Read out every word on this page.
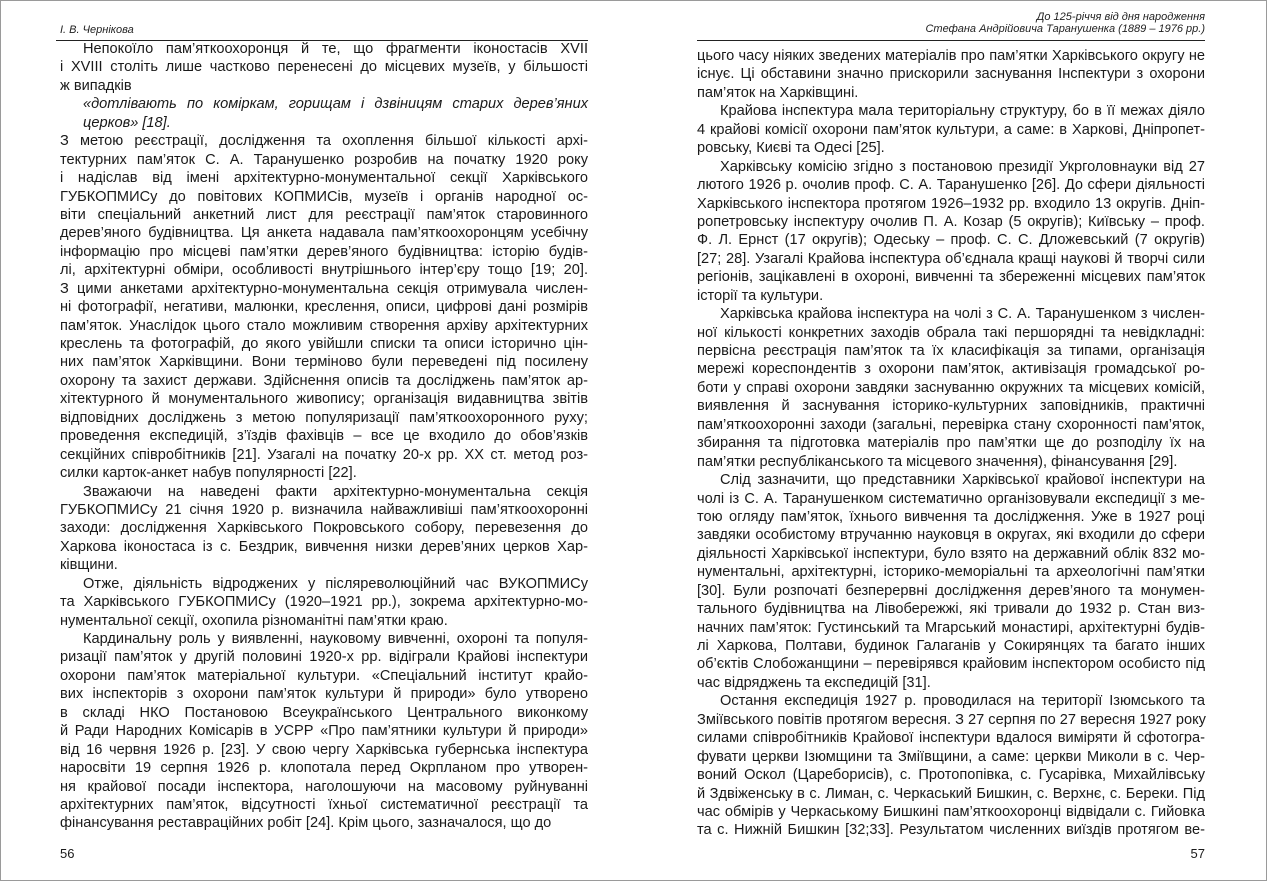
І. В. Чернікова
Непокоїло пам’яткоохоронця й те, що фрагменти іконостасів XVII
і XVIII століть лише частково перенесені до місцевих музеїв, у більшості
ж випадків
«дотлівають по коміркам, горищам і дзвіницям старих дерев’яних
церков» [18].
З метою реєстрації, дослідження та охоплення більшої кількості архі-
тектурних пам’яток С. А. Таранушенко розробив на початку 1920 року
і надіслав від імені архітектурно-монументальної секції Харківського
ГУБКОПМИСу до повітових КОПМИСів, музеїв і органів народної ос-
віти спеціальний анкетний лист для реєстрації пам’яток старовинного
дерев’яного будівництва. Ця анкета надавала пам’яткоохоронцям усебічну
інформацію про місцеві пам’ятки дерев’яного будівництва: історію будів-
лі, архітектурні обміри, особливості внутрішнього інтер’єру тощо [19; 20].
З цими анкетами архітектурно-монументальна секція отримувала числен-
ні фотографії, негативи, малюнки, креслення, описи, цифрові дані розмірів
пам’яток. Унаслідок цього стало можливим створення архіву архітектурних
креслень та фотографій, до якого увійшли списки та описи історично цін-
них пам’яток Харківщини. Вони терміново були переведені під посилену
охорону та захист держави. Здійснення описів та досліджень пам’яток ар-
хітектурного й монументального живопису; організація видавництва звітів
відповідних досліджень з метою популяризації пам’яткоохоронного руху;
проведення експедицій, з’їздів фахівців – все це входило до обов’язків
секційних співробітників [21]. Узагалі на початку 20-х рр. XX ст. метод роз-
силки карток-анкет набув популярності [22].
Зважаючи на наведені факти архітектурно-монументальна секція
ГУБКОПМИСу 21 січня 1920 р. визначила найважливіші пам’яткоохоронні
заходи: дослідження Харківського Покровського собору, перевезення до
Харкова іконостаса із с. Бездрик, вивчення низки дерев’яних церков Хар-
ківщини.
Отже, діяльність відроджених у післяреволюційний час ВУКОПМИСу
та Харківського ГУБКОПМИСу (1920–1921 рр.), зокрема архітектурно-мо-
нументальної секції, охопила різноманітні пам’ятки краю.
Кардинальну роль у виявленні, науковому вивченні, охороні та популя-
ризації пам’яток у другій половині 1920-х рр. відіграли Крайові інспектури
охорони пам’яток матеріальної культури. «Спеціальний інститут крайо-
вих інспекторів з охорони пам’яток культури й природи» було утворено
в складі НКО Постановою Всеукраїнського Центрального виконкому
й Ради Народних Комісарів в УСРР «Про пам’ятники культури й природи»
від 16 червня 1926 р. [23]. У свою чергу Харківська губернська інспектура
наросвіти 19 серпня 1926 р. клопотала перед Окрпланом про утворен-
ня крайової посади інспектора, наголошуючи на масовому руйнуванні
архітектурних пам’яток, відсутності їхньої систематичної реєстрації та
фінансування реставраційних робіт [24]. Крім цього, зазначалося, що до
56
До 125-річчя від дня народження
Стефана Андрійовича Таранушенка (1889 – 1976 рр.)
цього часу ніяких зведених матеріалів про пам’ятки Харківського округу не
існує. Ці обставини значно прискорили заснування Інспектури з охорони
пам’яток на Харківщині.
Крайова інспектура мала територіальну структуру, бо в її межах діяло
4 крайові комісії охорони пам’яток культури, а саме: в Харкові, Дніпропет-
ровську, Києві та Одесі [25].
Харківську комісію згідно з постановою президії Укрголовнауки від 27
лютого 1926 р. очолив проф. С. А. Таранушенко [26]. До сфери діяльності
Харківського інспектора протягом 1926–1932 рр. входило 13 округів. Дніп-
ропетровську інспектуру очолив П. А. Козар (5 округів); Київську – проф.
Ф. Л. Ернст (17 округів); Одеську – проф. С. С. Дложевський (7 округів)
[27; 28]. Узагалі Крайова інспектура об’єднала кращі наукові й творчі сили
регіонів, зацікавлені в охороні, вивченні та збереженні місцевих пам’яток
історії та культури.
Харківська крайова інспектура на чолі з С. А. Таранушенком з числен-
ної кількості конкретних заходів обрала такі першорядні та невідкладні:
первісна реєстрація пам’яток та їх класифікація за типами, організація
мережі кореспондентів з охорони пам’яток, активізація громадської ро-
боти у справі охорони завдяки заснуванню окружних та місцевих комісій,
виявлення й заснування історико-культурних заповідників, практичні
пам’яткоохоронні заходи (загальні, перевірка стану схоронності пам’яток,
збирання та підготовка матеріалів про пам’ятки ще до розподілу їх на
пам’ятки республіканського та місцевого значення), фінансування [29].
Слід зазначити, що представники Харківської крайової інспектури на
чолі із С. А. Таранушенком систематично організовували експедиції з ме-
тою огляду пам’яток, їхнього вивчення та дослідження. Уже в 1927 році
завдяки особистому втручанню науковця в округах, які входили до сфери
діяльності Харківської інспектури, було взято на державний облік 832 мо-
нументальні, архітектурні, історико-меморіальні та археологічні пам’ятки
[30]. Були розпочаті безперервні дослідження дерев’яного та монумен-
тального будівництва на Лівобережжі, які тривали до 1932 р. Стан виз-
начних пам’яток: Густинський та Мгарський монастирі, архітектурні будів-
лі Харкова, Полтави, будинок Галаганів у Сокирянцях та багато інших
об’єктів Слобожанщини – перевірявся крайовим інспектором особисто під
час відряджень та експедицій [31].
Остання експедиція 1927 р. проводилася на території Ізюмського та
Зміївського повітів протягом вересня. З 27 серпня по 27 вересня 1927 року
силами співробітників Крайової інспектури вдалося виміряти й сфотогра-
фувати церкви Ізюмщини та Зміївщини, а саме: церкви Миколи в с. Чер-
воний Оскол (Цареборисів), с. Протопопівка, с. Гусарівка, Михайлівську
й Здвіженську в с. Лиман, с. Черкаський Бишкин, с. Верхнє, с. Береки. Під
час обмірів у Черкаському Бишкині пам’яткоохоронці відвідали с. Гийовка
та с. Нижній Бишкин [32;33]. Результатом численних виїздів протягом ве-
57
